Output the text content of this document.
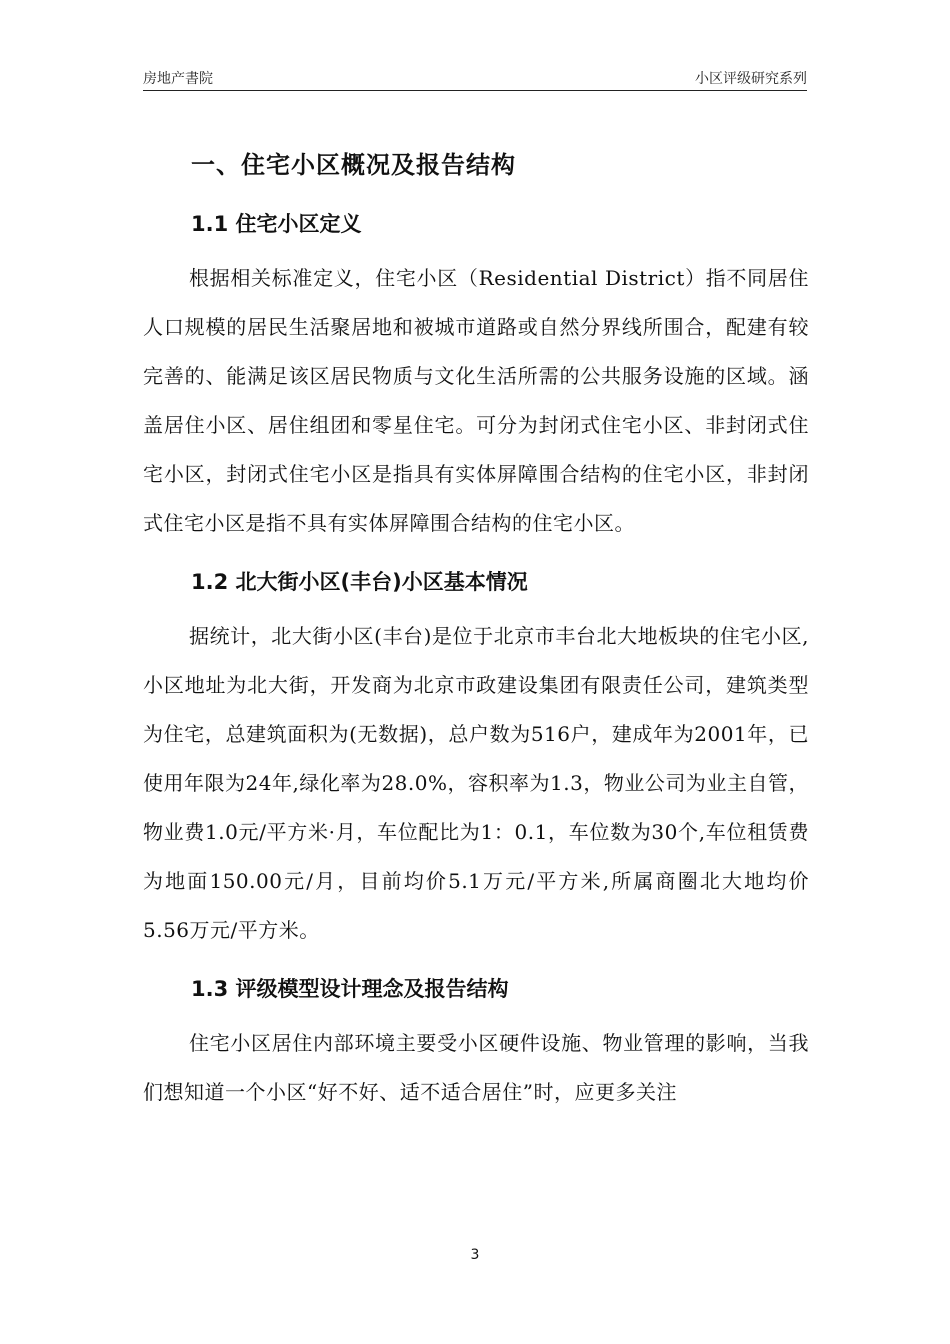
房地产書院	小区评级研究系列
一、住宅小区概况及报告结构
1.1 住宅小区定义

根据相关标准定义，住宅小区（Residential District）指不同居住人口规模的居民生活聚居地和被城市道路或自然分界线所围合，配建有较完善的、能满足该区居民物质与文化生活所需的公共服务设施的区域。涵盖居住小区、居住组团和零星住宅。可分为封闭式住宅小区、非封闭式住宅小区，封闭式住宅小区是指具有实体屏障围合结构的住宅小区，非封闭式住宅小区是指不具有实体屏障围合结构的住宅小区。

1.2 北大街小区(丰台)小区基本情况

据统计，北大街小区(丰台)是位于北京市丰台北大地板块的住宅小区,小区地址为北大街，开发商为北京市政建设集团有限责任公司，建筑类型为住宅，总建筑面积为(无数据)，总户数为516户，建成年为2001年，已使用年限为24年,绿化率为28.0%，容积率为1.3，物业公司为业主自管，物业费1.0元/平方米·月，车位配比为1：0.1，车位数为30个,车位租赁费为地面150.00元/月，目前均价5.1万元/平方米,所属商圈北大地均价5.56万元/平方米。

1.3 评级模型设计理念及报告结构

住宅小区居住内部环境主要受小区硬件设施、物业管理的影响，当我们想知道一个小区“好不好、适不适合居住”时，应更多关注

3
